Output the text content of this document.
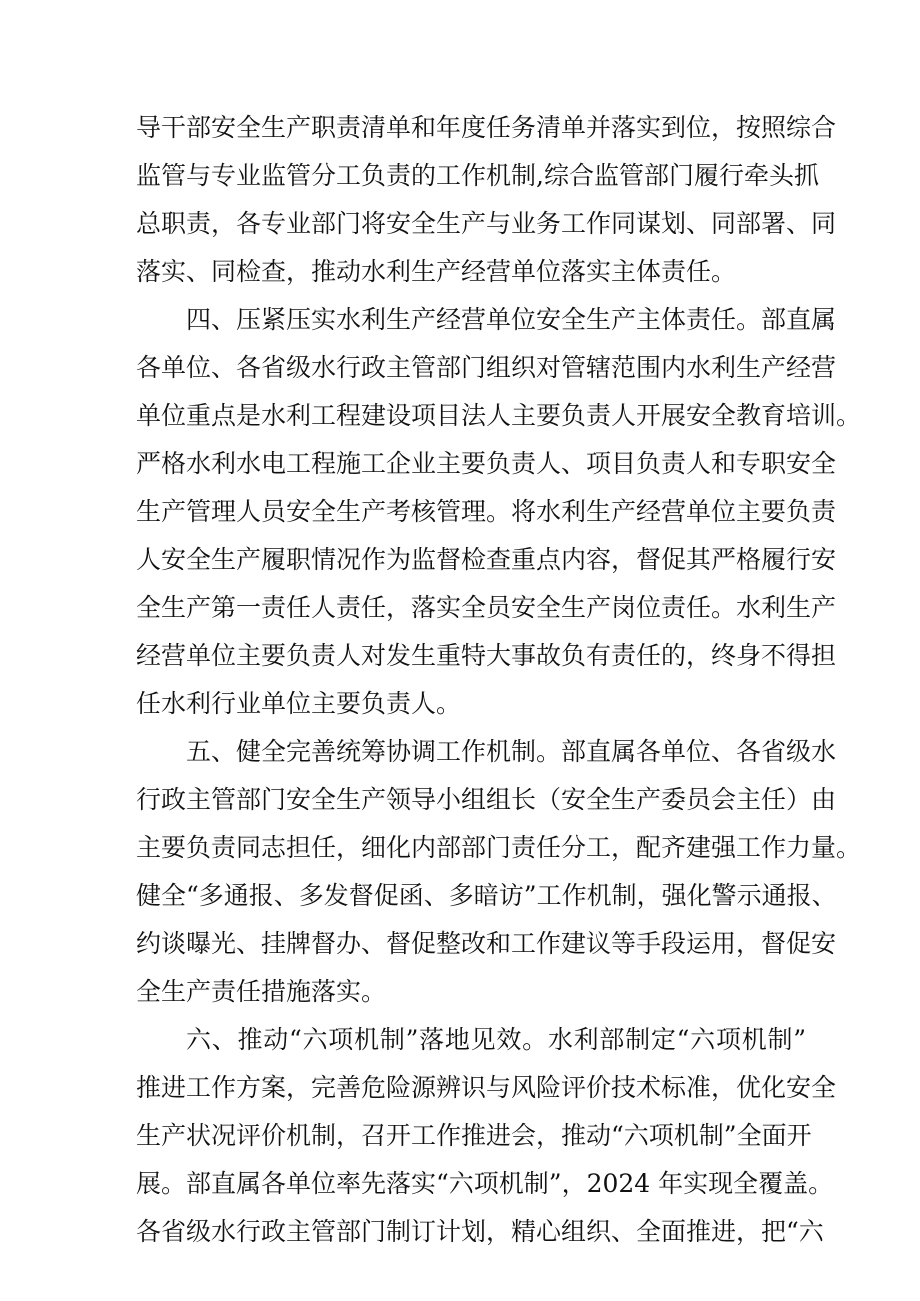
导干部安全生产职责清单和年度任务清单并落实到位，按照综合
监管与专业监管分工负责的工作机制,综合监管部门履行牵头抓
总职责，各专业部门将安全生产与业务工作同谋划、同部署、同
落实、同检查，推动水利生产经营单位落实主体责任。
四、压紧压实水利生产经营单位安全生产主体责任。部直属
各单位、各省级水行政主管部门组织对管辖范围内水利生产经营
单位重点是水利工程建设项目法人主要负责人开展安全教育培训。
严格水利水电工程施工企业主要负责人、项目负责人和专职安全
生产管理人员安全生产考核管理。将水利生产经营单位主要负责
人安全生产履职情况作为监督检查重点内容，督促其严格履行安
全生产第一责任人责任，落实全员安全生产岗位责任。水利生产
经营单位主要负责人对发生重特大事故负有责任的，终身不得担
任水利行业单位主要负责人。
五、健全完善统筹协调工作机制。部直属各单位、各省级水
行政主管部门安全生产领导小组组长（安全生产委员会主任）由
主要负责同志担任，细化内部部门责任分工，配齐建强工作力量。
健全“多通报、多发督促函、多暗访”工作机制，强化警示通报、
约谈曝光、挂牌督办、督促整改和工作建议等手段运用，督促安
全生产责任措施落实。
六、推动“六项机制”落地见效。水利部制定“六项机制”
推进工作方案，完善危险源辨识与风险评价技术标准，优化安全
生产状况评价机制，召开工作推进会，推动“六项机制”全面开
展。部直属各单位率先落实“六项机制”，2024 年实现全覆盖。
各省级水行政主管部门制订计划，精心组织、全面推进，把“六
